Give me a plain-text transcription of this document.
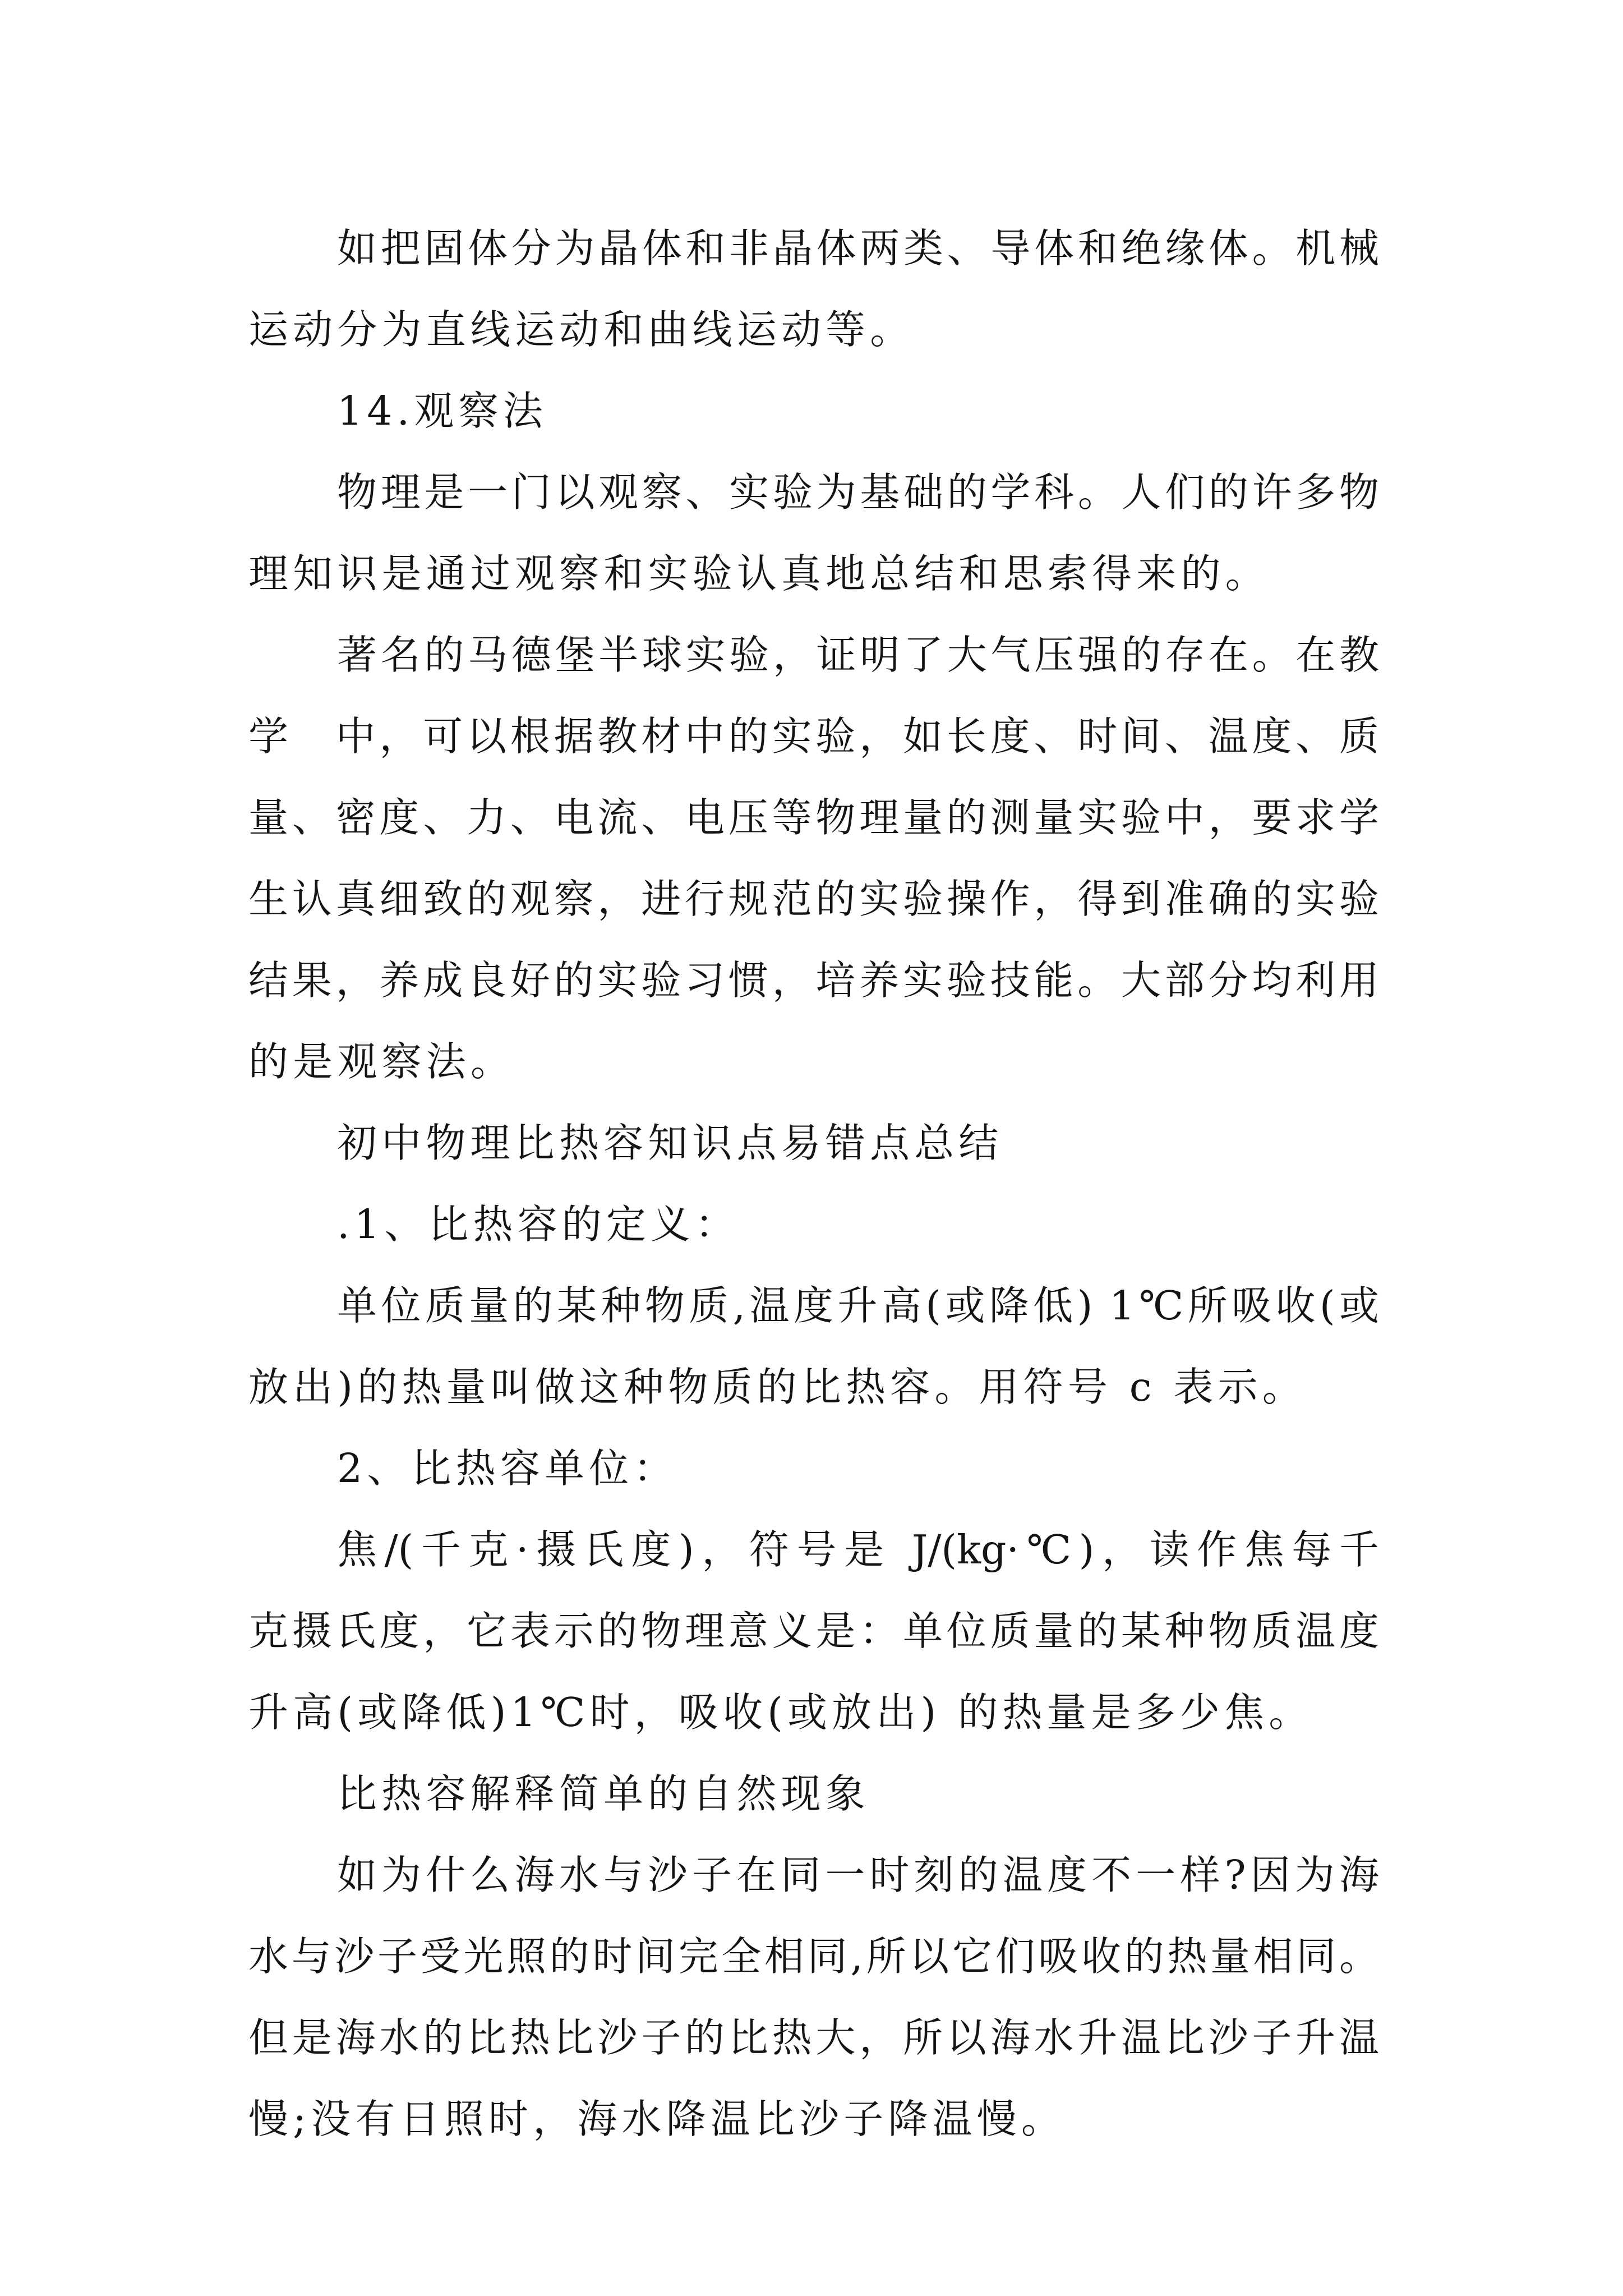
如把固体分为晶体和非晶体两类、导体和绝缘体。机械
运动分为直线运动和曲线运动等。
14.观察法
物理是一门以观察、实验为基础的学科。人们的许多物
理知识是通过观察和实验认真地总结和思索得来的。
著名的马德堡半球实验，证明了大气压强的存在。在教
学　中，可以根据教材中的实验，如长度、时间、温度、质
量、密度、力、电流、电压等物理量的测量实验中，要求学
生认真细致的观察，进行规范的实验操作，得到准确的实验
结果，养成良好的实验习惯，培养实验技能。大部分均利用
的是观察法。
初中物理比热容知识点易错点总结
.1、比热容的定义：
单位质量的某种物质,温度升高(或降低) 1℃所吸收(或
放出)的热量叫做这种物质的比热容。用符号 c 表示。
2、比热容单位：
焦/(千克·摄氏度)，符号是 J/(kg·℃)，读作焦每千
克摄氏度，它表示的物理意义是：单位质量的某种物质温度
升高(或降低)1℃时，吸收(或放出) 的热量是多少焦。
比热容解释简单的自然现象
如为什么海水与沙子在同一时刻的温度不一样?因为海
水与沙子受光照的时间完全相同,所以它们吸收的热量相同。
但是海水的比热比沙子的比热大，所以海水升温比沙子升温
慢;没有日照时，海水降温比沙子降温慢。
